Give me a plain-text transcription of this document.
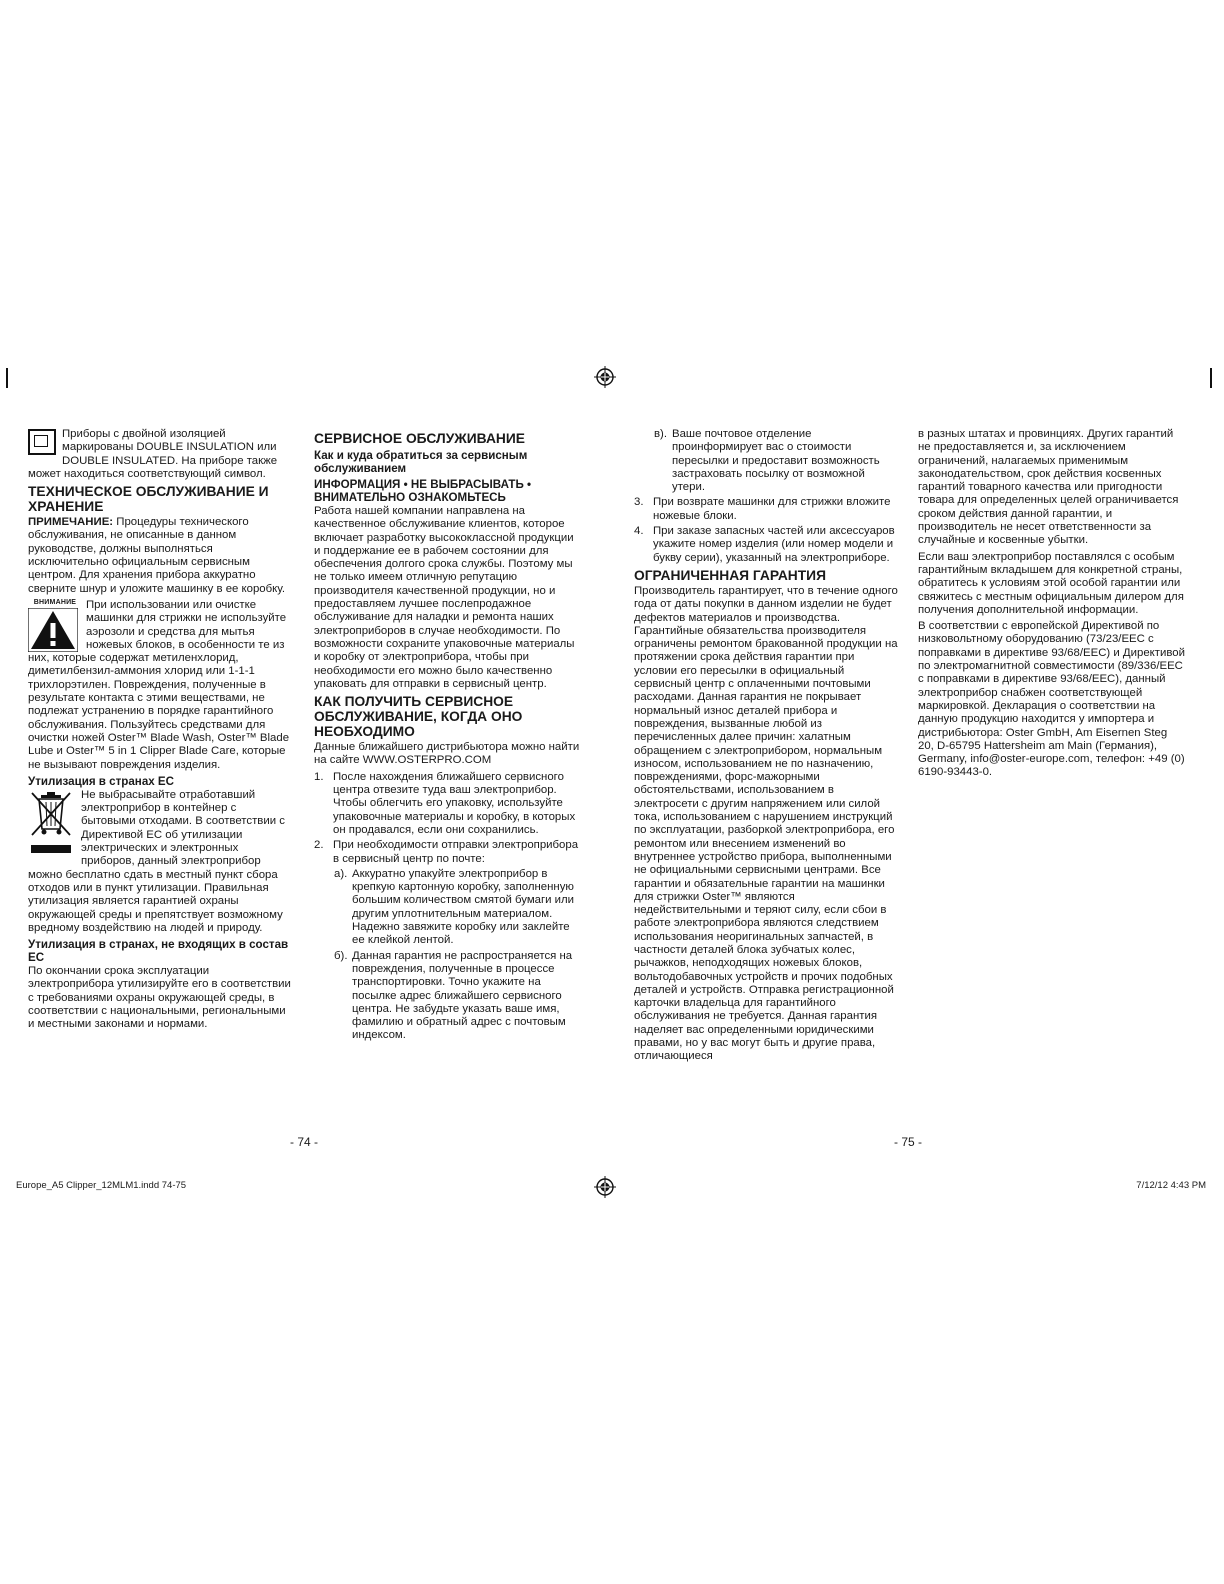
Приборы с двойной изоляцией маркированы DOUBLE INSULATION или DOUBLE INSULATED. На приборе также может находиться соответствующий символ.

ТЕХНИЧЕСКОЕ ОБСЛУЖИВАНИЕ И ХРАНЕНИЕ

ПРИМЕЧАНИЕ: Процедуры технического обслуживания, не описанные в данном руководстве, должны выполняться исключительно официальным сервисным центром. Для хранения прибора аккуратно сверните шнур и уложите машинку в ее коробку.

ВНИМАНИЕ При использовании или очистке машинки для стрижки не используйте аэрозоли и средства для мытья ножевых блоков, в особенности те из них, которые содержат метиленхлорид, диметилбензил-аммония хлорид или 1-1-1 трихлорэтилен. Повреждения, полученные в результате контакта с этими веществами, не подлежат устранению в порядке гарантийного обслуживания. Пользуйтесь средствами для очистки ножей Oster™ Blade Wash, Oster™ Blade Lube и Oster™ 5 in 1 Clipper Blade Care, которые не вызывают повреждения изделия.

Утилизация в странах ЕС

Не выбрасывайте отработавший электроприбор в контейнер с бытовыми отходами. В соответствии с Директивой ЕС об утилизации электрических и электронных приборов, данный электроприбор можно бесплатно сдать в местный пункт сбора отходов или в пункт утилизации. Правильная утилизация является гарантией охраны окружающей среды и препятствует возможному вредному воздействию на людей и природу.

Утилизация в странах, не входящих в состав ЕС

По окончании срока эксплуатации электроприбора утилизируйте его в соответствии с требованиями охраны окружающей среды, в соответствии с национальными, региональными и местными законами и нормами.

СЕРВИСНОЕ ОБСЛУЖИВАНИЕ
Как и куда обратиться за сервисным обслуживанием
ИНФОРМАЦИЯ • НЕ ВЫБРАСЫВАТЬ • ВНИМАТЕЛЬНО ОЗНАКОМЬТЕСЬ

Работа нашей компании направлена на качественное обслуживание клиентов, которое включает разработку высококлассной продукции и поддержание ее в рабочем состоянии для обеспечения долгого срока службы. Поэтому мы не только имеем отличную репутацию производителя качественной продукции, но и предоставляем лучшее послепродажное обслуживание для наладки и ремонта наших электроприборов в случае необходимости. По возможности сохраните упаковочные материалы и коробку от электроприбора, чтобы при необходимости его можно было качественно упаковать для отправки в сервисный центр.

КАК ПОЛУЧИТЬ СЕРВИСНОЕ ОБСЛУЖИВАНИЕ, КОГДА ОНО НЕОБХОДИМО

Данные ближайшего дистрибьютора можно найти на сайте WWW.OSTERPRO.COM

1. После нахождения ближайшего сервисного центра отвезите туда ваш электроприбор. Чтобы облегчить его упаковку, используйте упаковочные материалы и коробку, в которых он продавался, если они сохранились.
2. При необходимости отправки электроприбора в сервисный центр по почте:
а). Аккуратно упакуйте электроприбор в крепкую картонную коробку, заполненную большим количеством смятой бумаги или другим уплотнительным материалом. Надежно завяжите коробку или заклейте ее клейкой лентой.
б). Данная гарантия не распространяется на повреждения, полученные в процессе транспортировки. Точно укажите на посылке адрес ближайшего сервисного центра. Не забудьте указать ваше имя, фамилию и обратный адрес с почтовым индексом.
в). Ваше почтовое отделение проинформирует вас о стоимости пересылки и предоставит возможность застраховать посылку от возможной утери.
3. При возврате машинки для стрижки вложите ножевые блоки.
4. При заказе запасных частей или аксессуаров укажите номер изделия (или номер модели и букву серии), указанный на электроприборе.
ОГРАНИЧЕННАЯ ГАРАНТИЯ

Производитель гарантирует, что в течение одного года от даты покупки в данном изделии не будет дефектов материалов и производства. Гарантийные обязательства производителя ограничены ремонтом бракованной продукции на протяжении срока действия гарантии при условии его пересылки в официальный сервисный центр с оплаченными почтовыми расходами. Данная гарантия не покрывает нормальный износ деталей прибора и повреждения, вызванные любой из перечисленных далее причин: халатным обращением с электроприбором, нормальным износом, использованием не по назначению, повреждениями, форс-мажорными обстоятельствами, использованием в электросети с другим напряжением или силой тока, использованием с нарушением инструкций по эксплуатации, разборкой электроприбора, его ремонтом или внесением изменений во внутреннее устройство прибора, выполненными не официальными сервисными центрами. Все гарантии и обязательные гарантии на машинки для стрижки Oster™ являются недействительными и теряют силу, если сбои в работе электроприбора являются следствием использования неоригинальных запчастей, в частности деталей блока зубчатых колес, рычажков, неподходящих ножевых блоков, вольтодобавочных устройств и прочих подобных деталей и устройств. Отправка регистрационной карточки владельца для гарантийного обслуживания не требуется. Данная гарантия наделяет вас определенными юридическими правами, но у вас могут быть и другие права, отличающиеся

в разных штатах и провинциях. Других гарантий не предоставляется и, за исключением ограничений, налагаемых применимым законодательством, срок действия косвенных гарантий товарного качества или пригодности товара для определенных целей ограничивается сроком действия данной гарантии, и производитель не несет ответственности за случайные и косвенные убытки.

Если ваш электроприбор поставлялся с особым гарантийным вкладышем для конкретной страны, обратитесь к условиям этой особой гарантии или свяжитесь с местным официальным дилером для получения дополнительной информации.

В соответствии с европейской Директивой по низковольтному оборудованию (73/23/ЕЕС с поправками в директиве 93/68/ЕЕС) и Директивой по электромагнитной совместимости (89/336/ЕЕС с поправками в директиве 93/68/ЕЕС), данный электроприбор снабжен соответствующей маркировкой. Декларация о соответствии на данную продукцию находится у импортера и дистрибьютора: Oster GmbH, Am Eisernen Steg 20, D-65795 Hattersheim am Main (Германия), Germany, info@oster-europe.com, телефон: +49 (0) 6190-93443-0.

- 74 -	- 75 -
Europe_A5 Clipper_12MLM1.indd 74-75	7/12/12 4:43 PM
